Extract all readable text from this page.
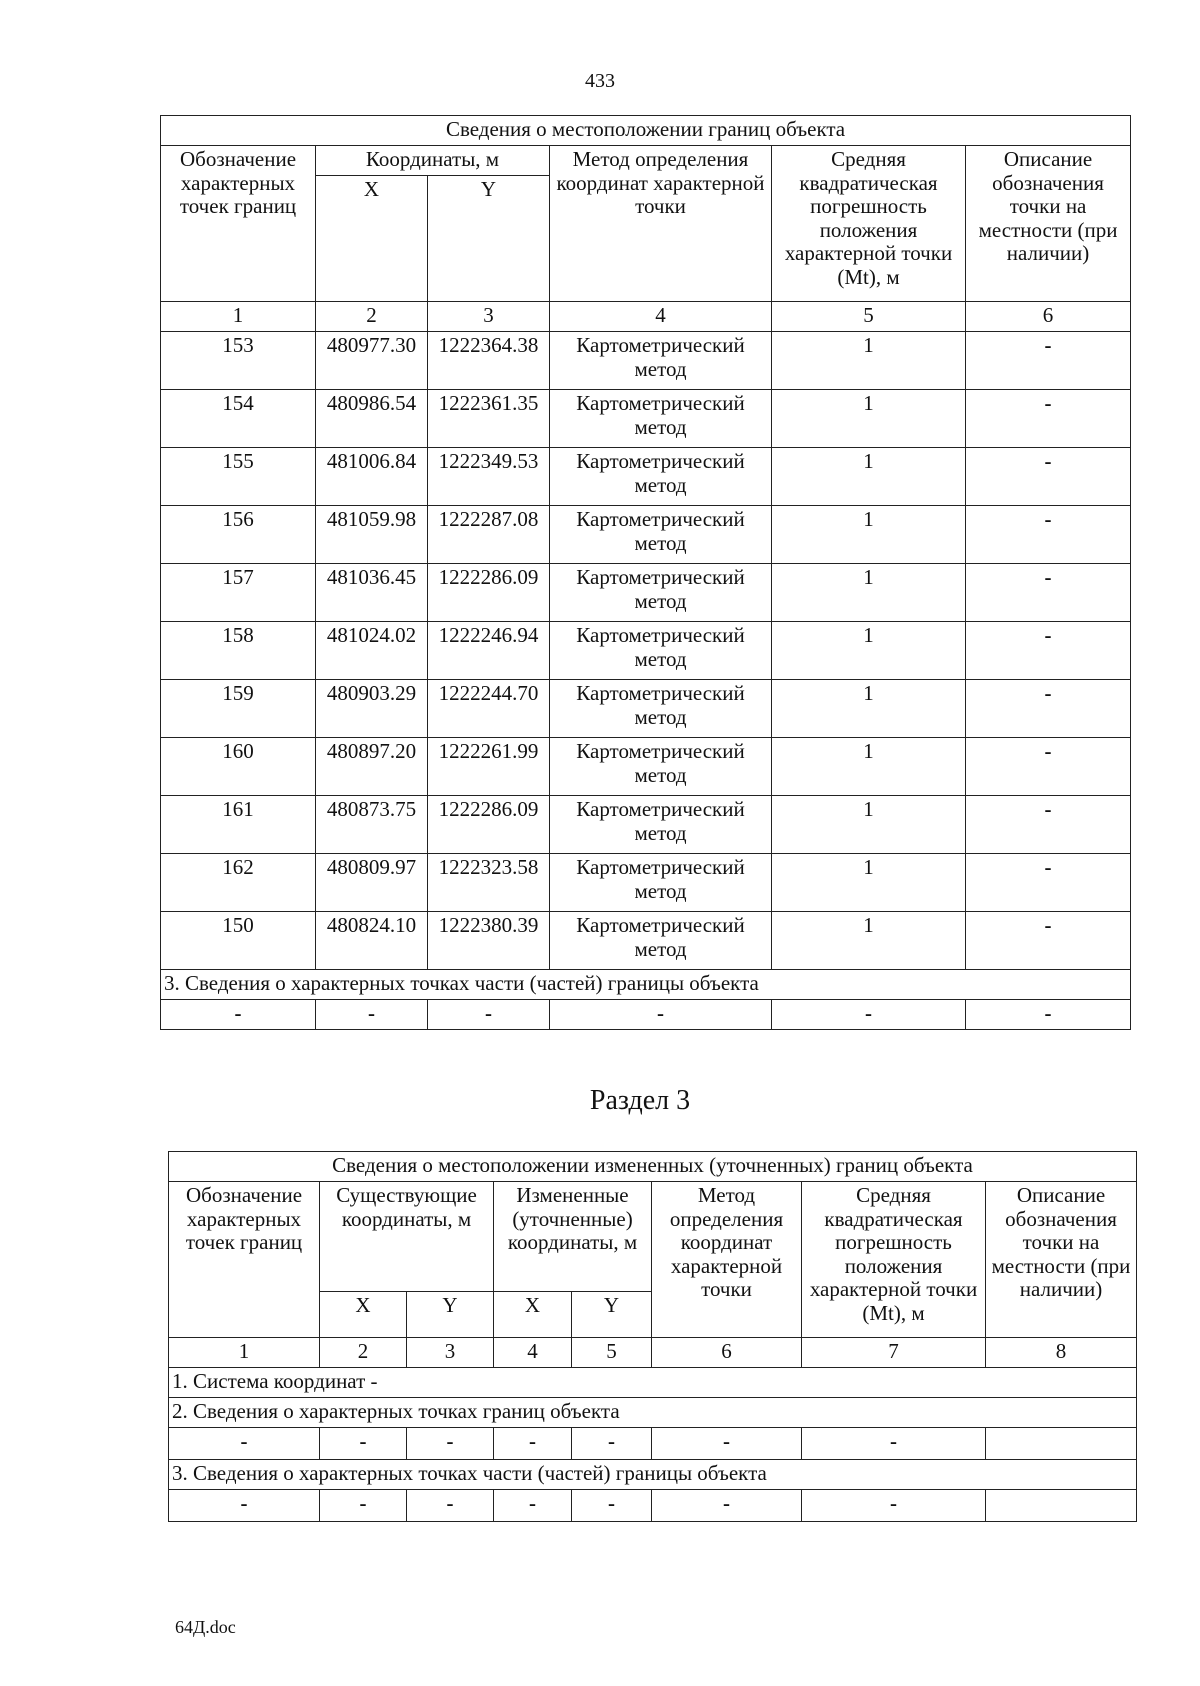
433
Сведения о местоположении границ объекта					
Обозначение характерных точек границ	Координаты, м		Метод определения координат характерной точки	Средняя квадратическая погрешность положения характерной точки (Mt), м	Описание обозначения точки на местности (при наличии)
	X	Y			
1	2	3	4	5	6
153	480977.30	1222364.38	Картометрический метод	1	-
154	480986.54	1222361.35	Картометрический метод	1	-
155	481006.84	1222349.53	Картометрический метод	1	-
156	481059.98	1222287.08	Картометрический метод	1	-
157	481036.45	1222286.09	Картометрический метод	1	-
158	481024.02	1222246.94	Картометрический метод	1	-
159	480903.29	1222244.70	Картометрический метод	1	-
160	480897.20	1222261.99	Картометрический метод	1	-
161	480873.75	1222286.09	Картометрический метод	1	-
162	480809.97	1222323.58	Картометрический метод	1	-
150	480824.10	1222380.39	Картометрический метод	1	-
3. Сведения о характерных точках части (частей) границы объекта					
-	-	-	-	-	-
Раздел 3
Сведения о местоположении измененных (уточненных) границ объекта							
Обозначение характерных точек границ	Существующие координаты, м		Измененные (уточненные) координаты, м		Метод определения координат характерной точки	Средняя квадратическая погрешность положения характерной точки (Mt), м	Описание обозначения точки на местности (при наличии)
	X	Y	X	Y			
1	2	3	4	5	6	7	8
1. Система координат -							
2. Сведения о характерных точках границ объекта							
-	-	-	-	-	-	-	
3. Сведения о характерных точках части (частей) границы объекта							
-	-	-	-	-	-	-	
64Д.doc
